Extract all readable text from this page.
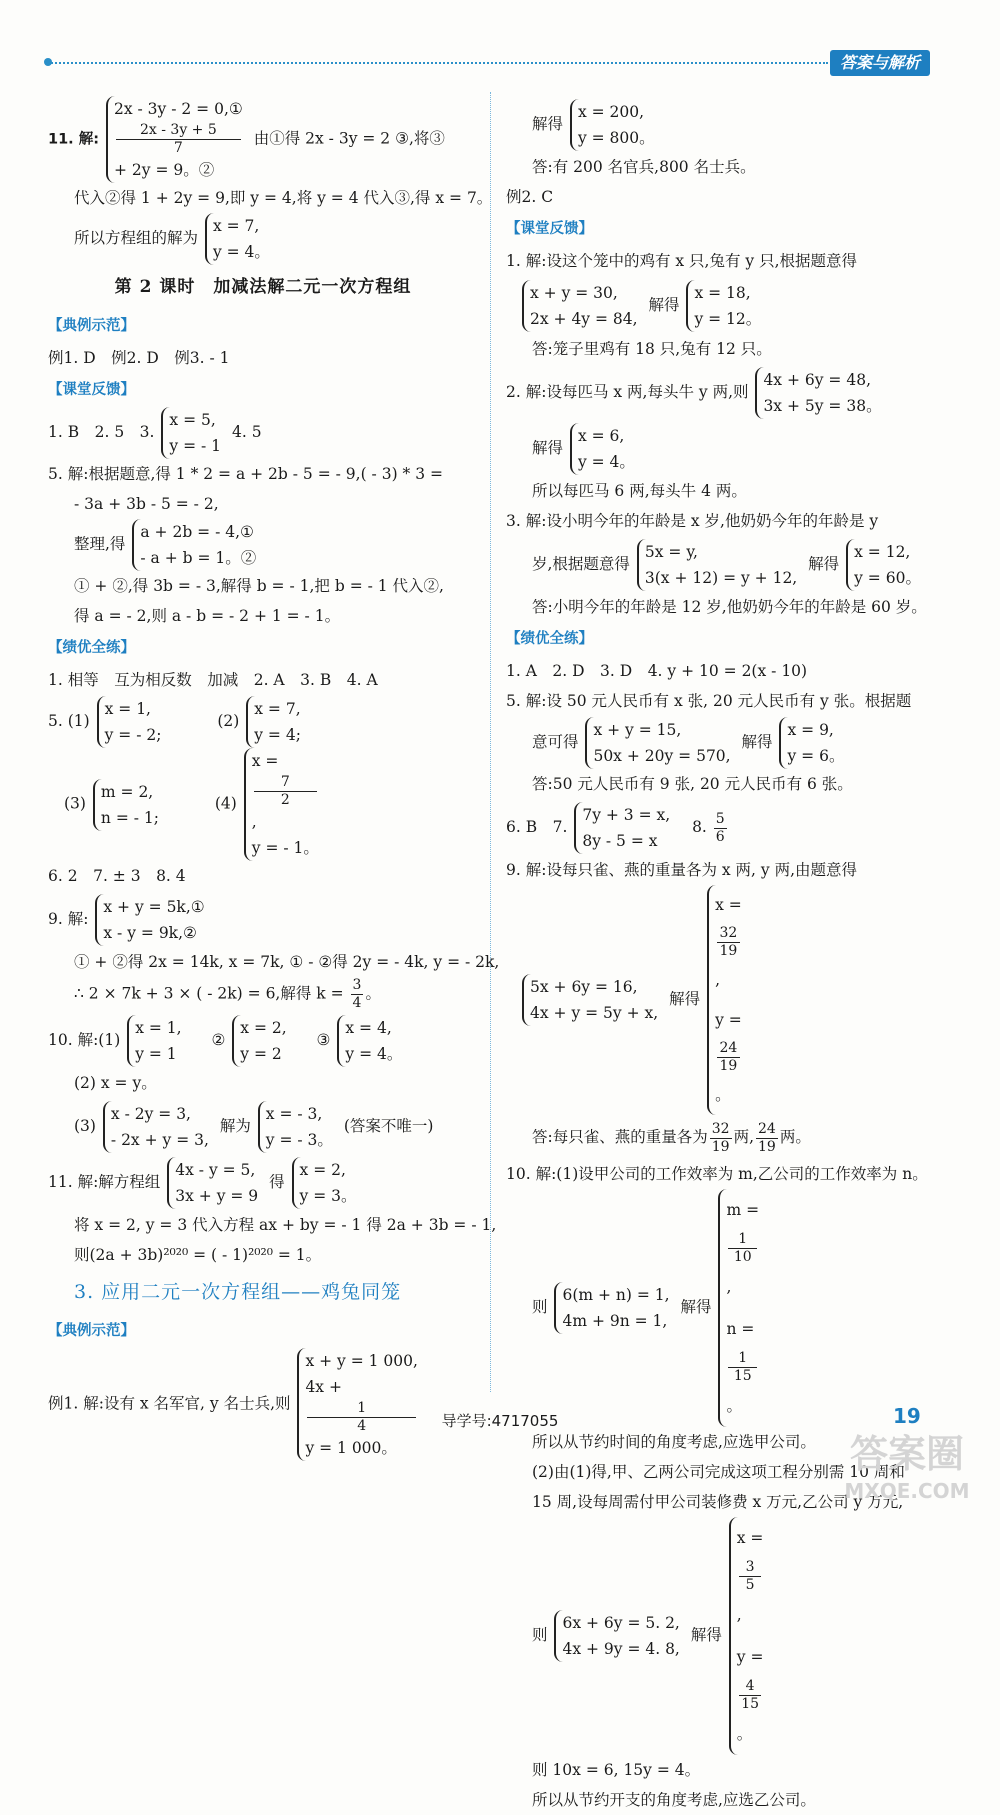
答案与解析
11. 解:
2x - 3y - 2 = 0,①
2x - 3y + 5
7
+ 2y = 9。②
由①得 2x - 3y = 2 ③,将③
代入②得 1 + 2y = 9,即 y = 4,将 y = 4 代入③,得 x = 7。
所以方程组的解为
x = 7,
y = 4。
第 2 课时　加减法解二元一次方程组
【典例示范】
例1. D　例2. D　例3. - 1
【课堂反馈】
1. B　2. 5　3.
x = 5,
y = - 1
4. 5
5. 解:根据题意,得 1 * 2 = a + 2b - 5 = - 9,( - 3) * 3 =
- 3a + 3b - 5 = - 2,
整理,得
a + 2b = - 4,①
- a + b = 1。②
① + ②,得 3b = - 3,解得 b = - 1,把 b = - 1 代入②,
得 a = - 2,则 a - b = - 2 + 1 = - 1。
【绩优全练】
1. 相等　互为相反数　加减　2. A　3. B　4. A
5. (1)
x = 1,
y = - 2;
(2)
x = 7,
y = 4;
(3)
m = 2,
n = - 1;
(4)
x =
7
2
,
y = - 1。
6. 2　7. ± 3　8. 4
9. 解:
x + y = 5k,①
x - y = 9k,②
① + ②得 2x = 14k, x = 7k, ① - ②得 2y = - 4k, y = - 2k,
∴ 2 × 7k + 3 × ( - 2k) = 6,解得 $k = \frac{3}{4}$ 。
10. 解:(1)
x = 1,
y = 1
②
x = 2,
y = 2
③
x = 4,
y = 4。
(2) x = y。
(3)
x - 2y = 3,
- 2x + y = 3,
解为
x = - 3,
y = - 3。
(答案不唯一)
11. 解:解方程组
4x - y = 5,
3x + y = 9
得
x = 2,
y = 3。
将 x = 2, y = 3 代入方程 ax + by = - 1 得 2a + 3b = - 1,
则(2a + 3b)²⁰²⁰ = ( - 1)²⁰²⁰ = 1。
3. 应用二元一次方程组——鸡兔同笼
【典例示范】
例1. 解:设有 x 名军官, y 名士兵,则
x + y = 1 000,
4x +
1
4
y = 1 000。
解得
x = 200,
y = 800。
答:有 200 名官兵,800 名士兵。
例2. C
【课堂反馈】
1. 解:设这个笼中的鸡有 x 只,兔有 y 只,根据题意得
x + y = 30,
2x + 4y = 84,
解得
x = 18,
y = 12。
答:笼子里鸡有 18 只,兔有 12 只。
2. 解:设每匹马 x 两,每头牛 y 两,则
4x + 6y = 48,
3x + 5y = 38。
解得
x = 6,
y = 4。
所以每匹马 6 两,每头牛 4 两。
3. 解:设小明今年的年龄是 x 岁,他奶奶今年的年龄是 y
岁,根据题意得
5x = y,
3(x + 12) = y + 12,
解得
x = 12,
y = 60。
答:小明今年的年龄是 12 岁,他奶奶今年的年龄是 60 岁。
【绩优全练】
1. A　2. D　3. D　4. y + 10 = 2(x - 10)
5. 解:设 50 元人民币有 x 张, 20 元人民币有 y 张。根据题
意可得
x + y = 15,
50x + 20y = 570,
解得
x = 9,
y = 6。
答:50 元人民币有 9 张, 20 元人民币有 6 张。
6. B　7.
7y + 3 = x,
8y - 5 = x
8. $\frac{5}{6}$
9. 解:设每只雀、燕的重量各为 x 两, y 两,由题意得
5x + 6y = 16,
4x + y = 5y + x,
解得
x =
32
19
,
y =
24
19
。
答:每只雀、燕的重量各为 $\frac{32}{19}$ 两, $\frac{24}{19}$ 两。
10. 解:(1)设甲公司的工作效率为 m,乙公司的工作效率为 n。
则
6(m + n) = 1,
4m + 9n = 1,
解得
m =
1
10
,
n =
1
15
。
所以从节约时间的角度考虑,应选甲公司。
(2)由(1)得,甲、乙两公司完成这项工程分别需 10 周和
15 周,设每周需付甲公司装修费 x 万元,乙公司 y 万元,
则
6x + 6y = 5. 2,
4x + 9y = 4. 8,
解得
x =
3
5
,
y =
4
15
。
则 10x = 6, 15y = 4。
所以从节约开支的角度考虑,应选乙公司。
导学号:4717055	19
答案圈
MXQE.COM
